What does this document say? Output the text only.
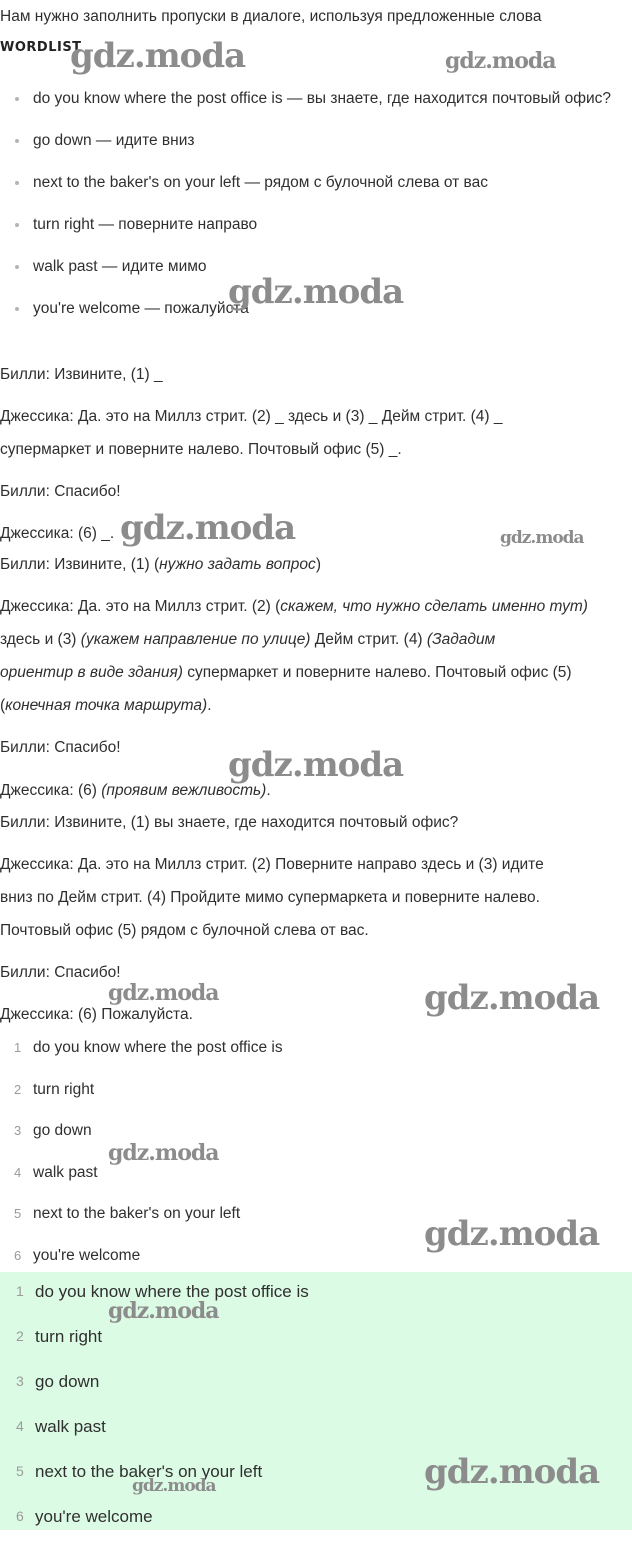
Нам нужно заполнить пропуски в диалоге, используя предложенные слова

WORDLIST
do you know where the post office is — вы знаете, где находится почтовый офис?
go down — идите вниз
next to the baker's on your left — рядом с булочной слева от вас
turn right — поверните направо
walk past — идите мимо
you're welcome — пожалуйста

Билли: Извините, (1) _

Джессика: Да. это на Миллз стрит. (2) _ здесь и (3) _ Дейм стрит. (4) _

супермаркет и поверните налево. Почтовый офис (5) _.

Билли: Спасибо!

Джессика: (6) _.

Билли: Извините, (1) (нужно задать вопрос)

Джессика: Да. это на Миллз стрит. (2) (скажем, что нужно сделать именно тут)

здесь и (3) (укажем направление по улице) Дейм стрит. (4) (Зададим

ориентир в виде здания) супермаркет и поверните налево. Почтовый офис (5)

(конечная точка маршрута).

Билли: Спасибо!

Джессика: (6) (проявим вежливость).

Билли: Извините, (1) вы знаете, где находится почтовый офис?

Джессика: Да. это на Миллз стрит. (2) Поверните направо здесь и (3) идите

вниз по Дейм стрит. (4) Пройдите мимо супермаркета и поверните налево.

Почтовый офис (5) рядом с булочной слева от вас.

Билли: Спасибо!

Джессика: (6) Пожалуйста.

1 do you know where the post office is
2 turn right
3 go down
4 walk past
5 next to the baker's on your left
6 you're welcome
1 do you know where the post office is
2 turn right
3 go down
4 walk past
5 next to the baker's on your left
6 you're welcome
gdz.moda	gdz.moda
gdz.moda
gdz.moda	gdz.moda
gdz.moda
gdz.moda	gdz.moda
gdz.moda
gdz.moda
gdz.moda
gdz.moda
gdz.moda
